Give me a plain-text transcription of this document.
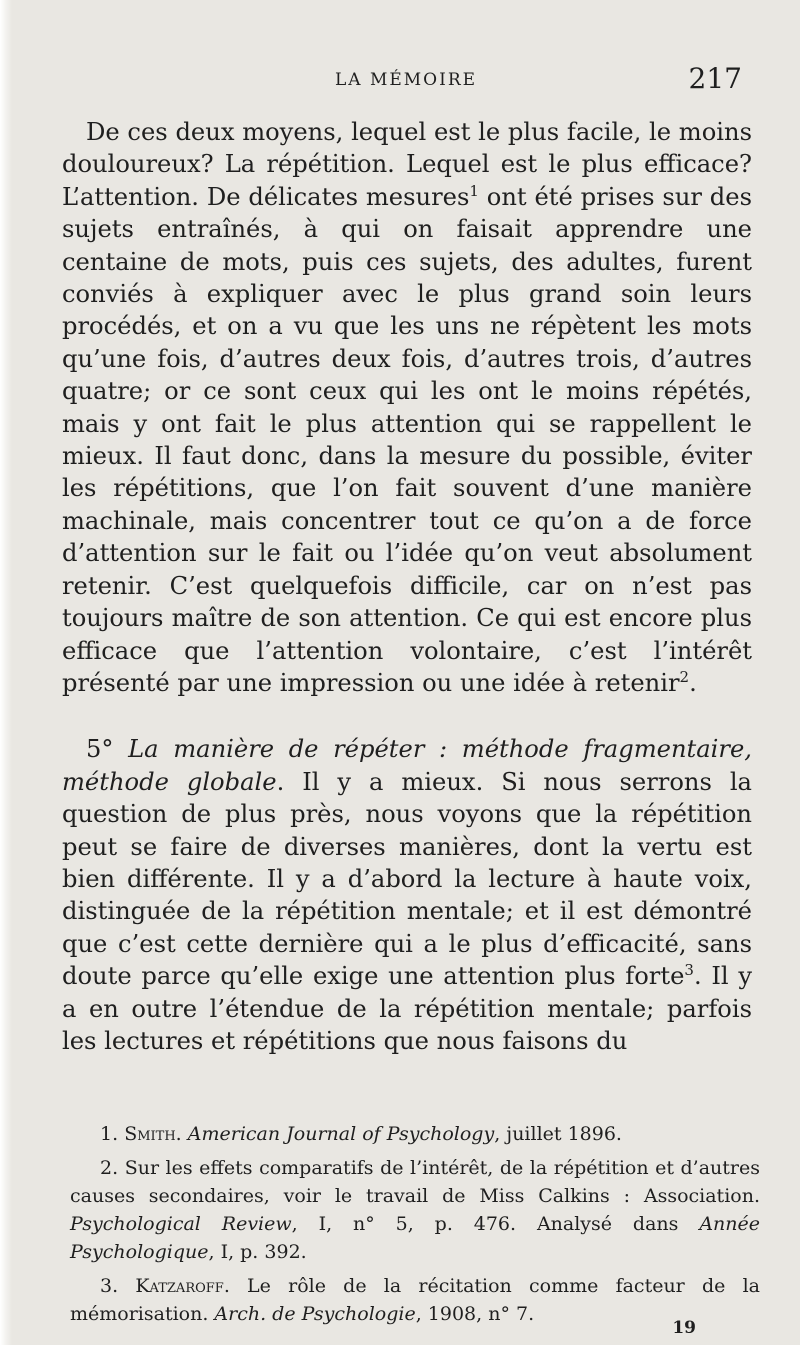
LA MÉMOIRE	217

De ces deux moyens, lequel est le plus facile, le moins douloureux? La répétition. Lequel est le plus efficace? L’attention. De délicates mesures$^1$ ont été prises sur des sujets entraînés, à qui on faisait apprendre une centaine de mots, puis ces sujets, des adultes, furent conviés à expliquer avec le plus grand soin leurs procédés, et on a vu que les uns ne répètent les mots qu’une fois, d’autres deux fois, d’autres trois, d’autres quatre; or ce sont ceux qui les ont le moins répétés, mais y ont fait le plus attention qui se rappellent le mieux. Il faut donc, dans la mesure du possible, éviter les répétitions, que l’on fait souvent d’une manière machinale, mais concentrer tout ce qu’on a de force d’attention sur le fait ou l’idée qu’on veut absolument retenir. C’est quelquefois difficile, car on n’est pas toujours maître de son attention. Ce qui est encore plus efficace que l’attention volontaire, c’est l’intérêt présenté par une impression ou une idée à retenir$^2$.

5° La manière de répéter : méthode fragmentaire, méthode globale. Il y a mieux. Si nous serrons la question de plus près, nous voyons que la répétition peut se faire de diverses manières, dont la vertu est bien différente. Il y a d’abord la lecture à haute voix, distinguée de la répétition mentale; et il est démontré que c’est cette dernière qui a le plus d’efficacité, sans doute parce qu’elle exige une attention plus forte$^3$. Il y a en outre l’étendue de la répétition mentale; parfois les lectures et répétitions que nous faisons du

1. Smith. American Journal of Psychology, juillet 1896.

2. Sur les effets comparatifs de l’intérêt, de la répétition et d’autres causes secondaires, voir le travail de Miss Calkins : Association. Psychological Review, I, n° 5, p. 476. Analysé dans Année Psychologique, I, p. 392.

3. Katzaroff. Le rôle de la récitation comme facteur de la mémorisation. Arch. de Psychologie, 1908, n° 7.

19
